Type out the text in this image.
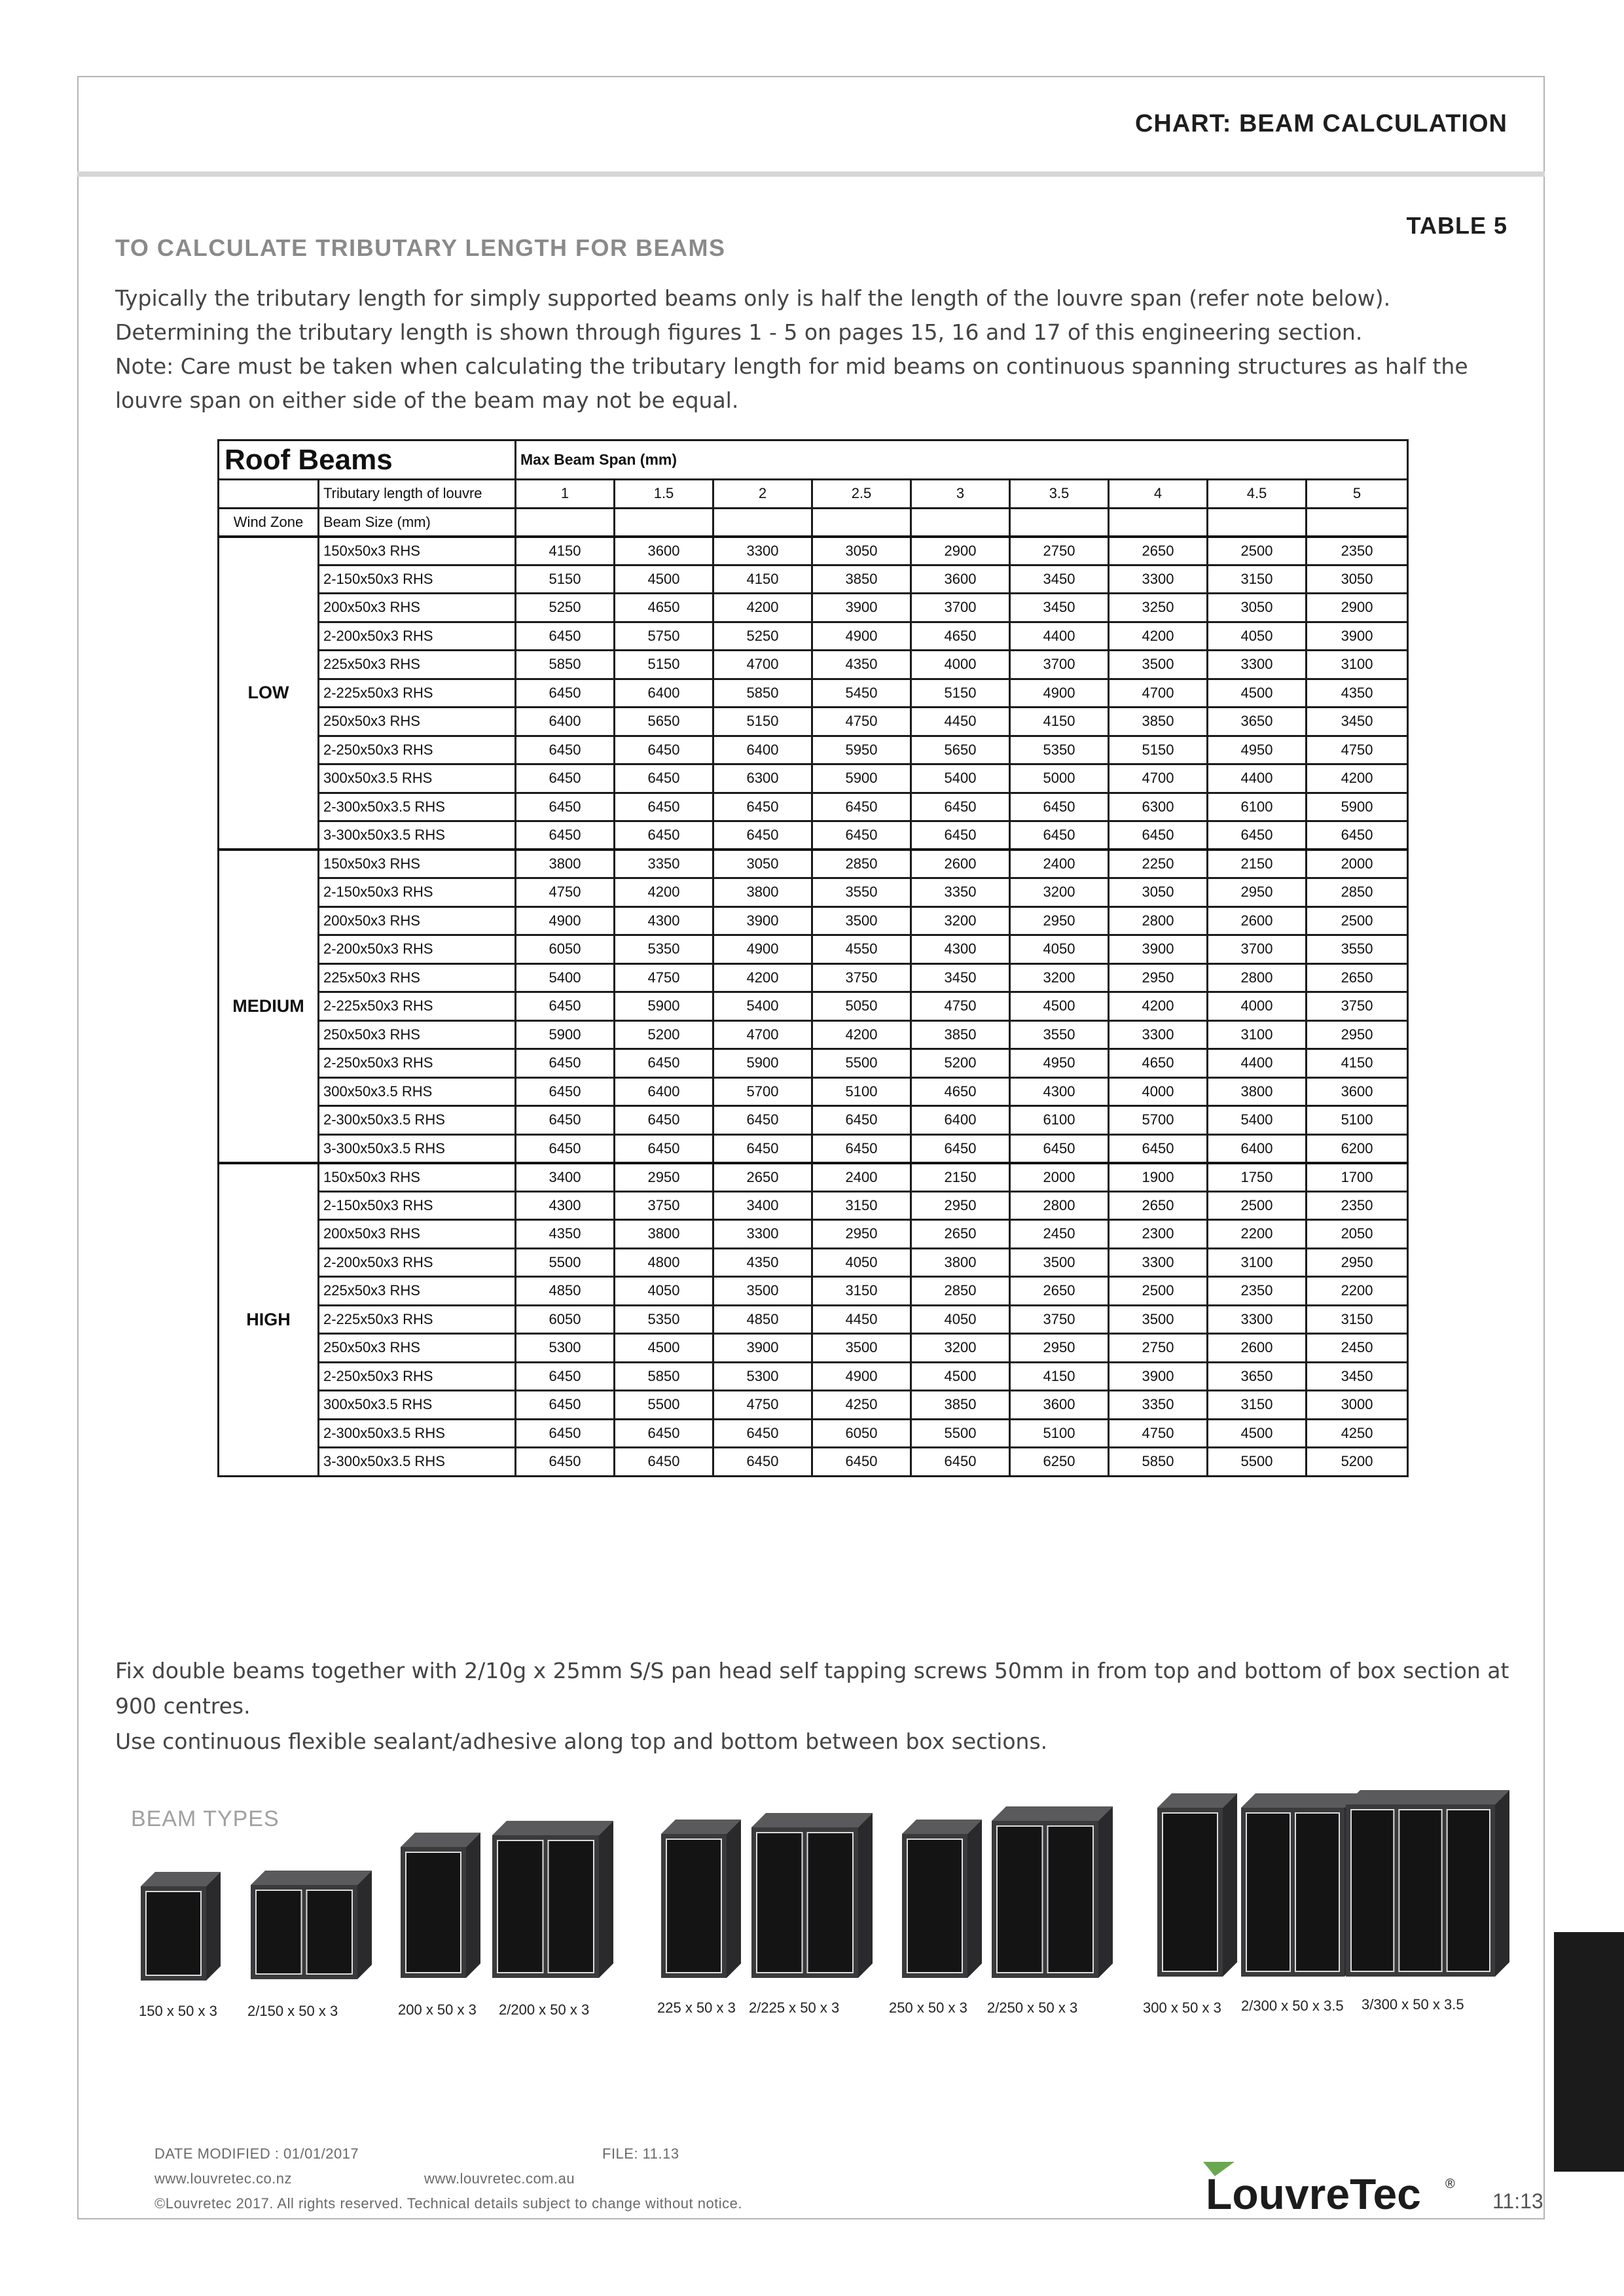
CHART: BEAM CALCULATION
TABLE 5
TO CALCULATE TRIBUTARY LENGTH FOR BEAMS

Typically the tributary length for simply supported beams only is half the length of the louvre span (refer note below). Determining the tributary length is shown through figures 1 - 5 on pages 15, 16 and 17 of this engineering section.

Note: Care must be taken when calculating the tributary length for mid beams on continuous spanning structures as half the louvre span on either side of the beam may not be equal.

Roof Beams		Max Beam Span (mm)								
	Tributary length of louvre	1	1.5	2	2.5	3	3.5	4	4.5	5
Wind Zone	Beam Size (mm)									
LOW	150x50x3 RHS	4150	3600	3300	3050	2900	2750	2650	2500	2350
	2-150x50x3 RHS	5150	4500	4150	3850	3600	3450	3300	3150	3050
	200x50x3 RHS	5250	4650	4200	3900	3700	3450	3250	3050	2900
	2-200x50x3 RHS	6450	5750	5250	4900	4650	4400	4200	4050	3900
	225x50x3 RHS	5850	5150	4700	4350	4000	3700	3500	3300	3100
	2-225x50x3 RHS	6450	6400	5850	5450	5150	4900	4700	4500	4350
	250x50x3 RHS	6400	5650	5150	4750	4450	4150	3850	3650	3450
	2-250x50x3 RHS	6450	6450	6400	5950	5650	5350	5150	4950	4750
	300x50x3.5 RHS	6450	6450	6300	5900	5400	5000	4700	4400	4200
	2-300x50x3.5 RHS	6450	6450	6450	6450	6450	6450	6300	6100	5900
	3-300x50x3.5 RHS	6450	6450	6450	6450	6450	6450	6450	6450	6450
MEDIUM	150x50x3 RHS	3800	3350	3050	2850	2600	2400	2250	2150	2000
	2-150x50x3 RHS	4750	4200	3800	3550	3350	3200	3050	2950	2850
	200x50x3 RHS	4900	4300	3900	3500	3200	2950	2800	2600	2500
	2-200x50x3 RHS	6050	5350	4900	4550	4300	4050	3900	3700	3550
	225x50x3 RHS	5400	4750	4200	3750	3450	3200	2950	2800	2650
	2-225x50x3 RHS	6450	5900	5400	5050	4750	4500	4200	4000	3750
	250x50x3 RHS	5900	5200	4700	4200	3850	3550	3300	3100	2950
	2-250x50x3 RHS	6450	6450	5900	5500	5200	4950	4650	4400	4150
	300x50x3.5 RHS	6450	6400	5700	5100	4650	4300	4000	3800	3600
	2-300x50x3.5 RHS	6450	6450	6450	6450	6400	6100	5700	5400	5100
	3-300x50x3.5 RHS	6450	6450	6450	6450	6450	6450	6450	6400	6200
HIGH	150x50x3 RHS	3400	2950	2650	2400	2150	2000	1900	1750	1700
	2-150x50x3 RHS	4300	3750	3400	3150	2950	2800	2650	2500	2350
	200x50x3 RHS	4350	3800	3300	2950	2650	2450	2300	2200	2050
	2-200x50x3 RHS	5500	4800	4350	4050	3800	3500	3300	3100	2950
	225x50x3 RHS	4850	4050	3500	3150	2850	2650	2500	2350	2200
	2-225x50x3 RHS	6050	5350	4850	4450	4050	3750	3500	3300	3150
	250x50x3 RHS	5300	4500	3900	3500	3200	2950	2750	2600	2450
	2-250x50x3 RHS	6450	5850	5300	4900	4500	4150	3900	3650	3450
	300x50x3.5 RHS	6450	5500	4750	4250	3850	3600	3350	3150	3000
	2-300x50x3.5 RHS	6450	6450	6450	6050	5500	5100	4750	4500	4250
	3-300x50x3.5 RHS	6450	6450	6450	6450	6450	6250	5850	5500	5200

Fix double beams together with 2/10g x 25mm S/S pan head self tapping screws 50mm in from top and bottom of box section at 900 centres.

Use continuous flexible sealant/adhesive along top and bottom between box sections.

BEAM TYPES
150 x 50 x 3 2/150 x 50 x 3	200 x 50 x 3 2/200 x 50 x 3	225 x 50 x 3 2/225 x 50 x 3	250 x 50 x 3 2/250 x 50 x 3	300 x 50 x 3 2/300 x 50 x 3.5 3/300 x 50 x 3.5
DATE MODIFIED : 01/01/2017	FILE: 11.13
www.louvretec.co.nz	www.louvretec.com.au
©Louvretec 2017. All rights reserved. Technical details subject to change without notice.	LouvreTec ®
11:13
